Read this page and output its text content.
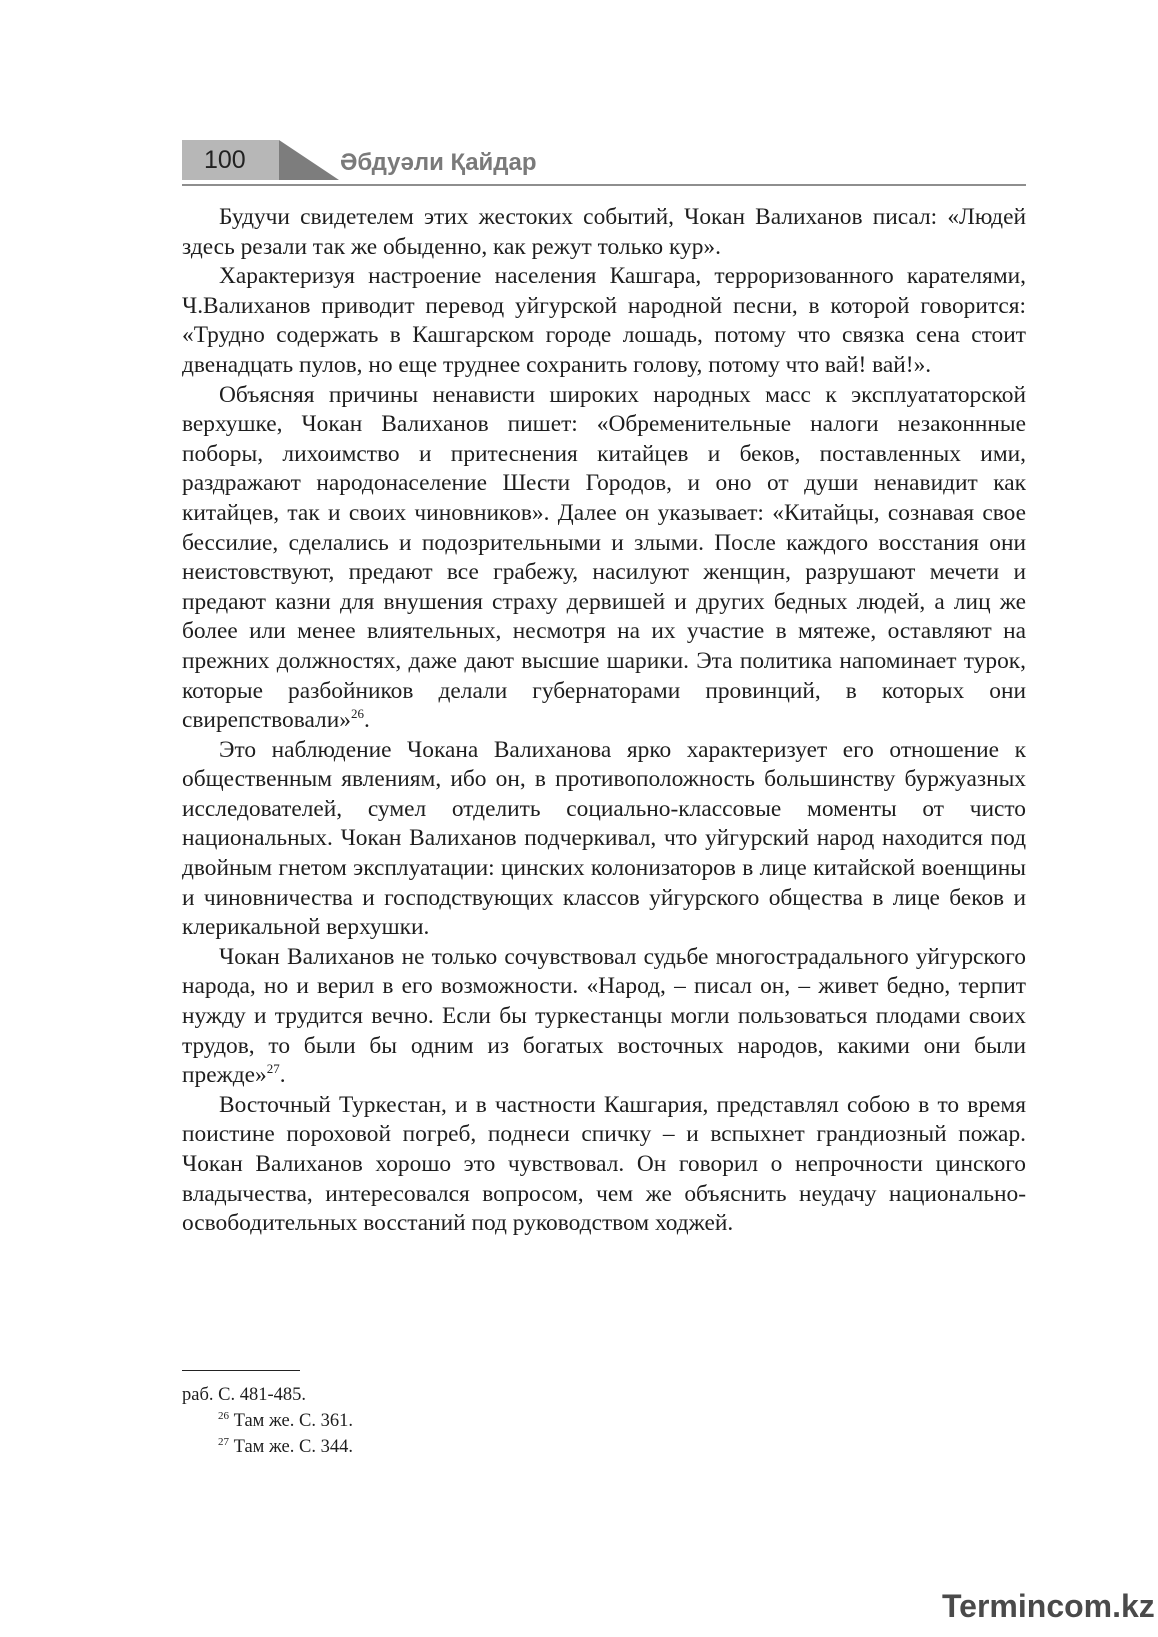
100	Әбдуәли Қайдар

Будучи свидетелем этих жестоких событий, Чокан Валиханов писал: «Людей здесь резали так же обыденно, как режут только кур».

Характеризуя настроение населения Кашгара, терроризованного карателями, Ч.Валиханов приводит перевод уйгурской народной песни, в которой говорится: «Трудно содержать в Кашгарском городе лошадь, потому что связка сена стоит двенадцать пулов, но еще труднее сохранить голову, потому что вай! вай!».

Объясняя причины ненависти широких народных масс к эксплуататорской верхушке, Чокан Валиханов пишет: «Обременительные налоги незаконнные поборы, лихоимство и притеснения китайцев и беков, поставленных ими, раздражают народонаселение Шести Городов, и оно от души ненавидит как китайцев, так и своих чиновников». Далее он указывает: «Китайцы, сознавая свое бессилие, сделались и подозрительными и злыми. После каждого восстания они неистовствуют, предают все грабежу, насилуют женщин, разрушают мечети и предают казни для внушения страху дервишей и других бедных людей, а лиц же более или менее влиятельных, несмотря на их участие в мятеже, оставляют на прежних должностях, даже дают высшие шарики. Эта политика напоминает турок, которые разбойников делали губернаторами провинций, в которых они свирепствовали»$^{26}$.

Это наблюдение Чокана Валиханова ярко характеризует его отношение к общественным явлениям, ибо он, в противоположность большинству буржуазных исследователей, сумел отделить социально-классовые моменты от чисто национальных. Чокан Валиханов подчеркивал, что уйгурский народ находится под двойным гнетом эксплуатации: цинских колонизаторов в лице китайской военщины и чиновничества и господствующих классов уйгурского общества в лице беков и клерикальной верхушки.

Чокан Валиханов не только сочувствовал судьбе многострадального уйгурского народа, но и верил в его возможности. «Народ, – писал он, – живет бедно, терпит нужду и трудится вечно. Если бы туркестанцы могли пользоваться плодами своих трудов, то были бы одним из богатых восточных народов, какими они были прежде»$^{27}$.

Восточный Туркестан, и в частности Кашгария, представлял собою в то время поистине пороховой погреб, поднеси спичку – и вспыхнет грандиозный пожар. Чокан Валиханов хорошо это чувствовал. Он говорил о непрочности цинского владычества, интересовался вопросом, чем же объяснить неудачу национально-освободительных восстаний под руководством ходжей.

раб. С. 481-485.

$^{26}$ Там же. С. 361.

$^{27}$ Там же. С. 344.

Termincom.kz
